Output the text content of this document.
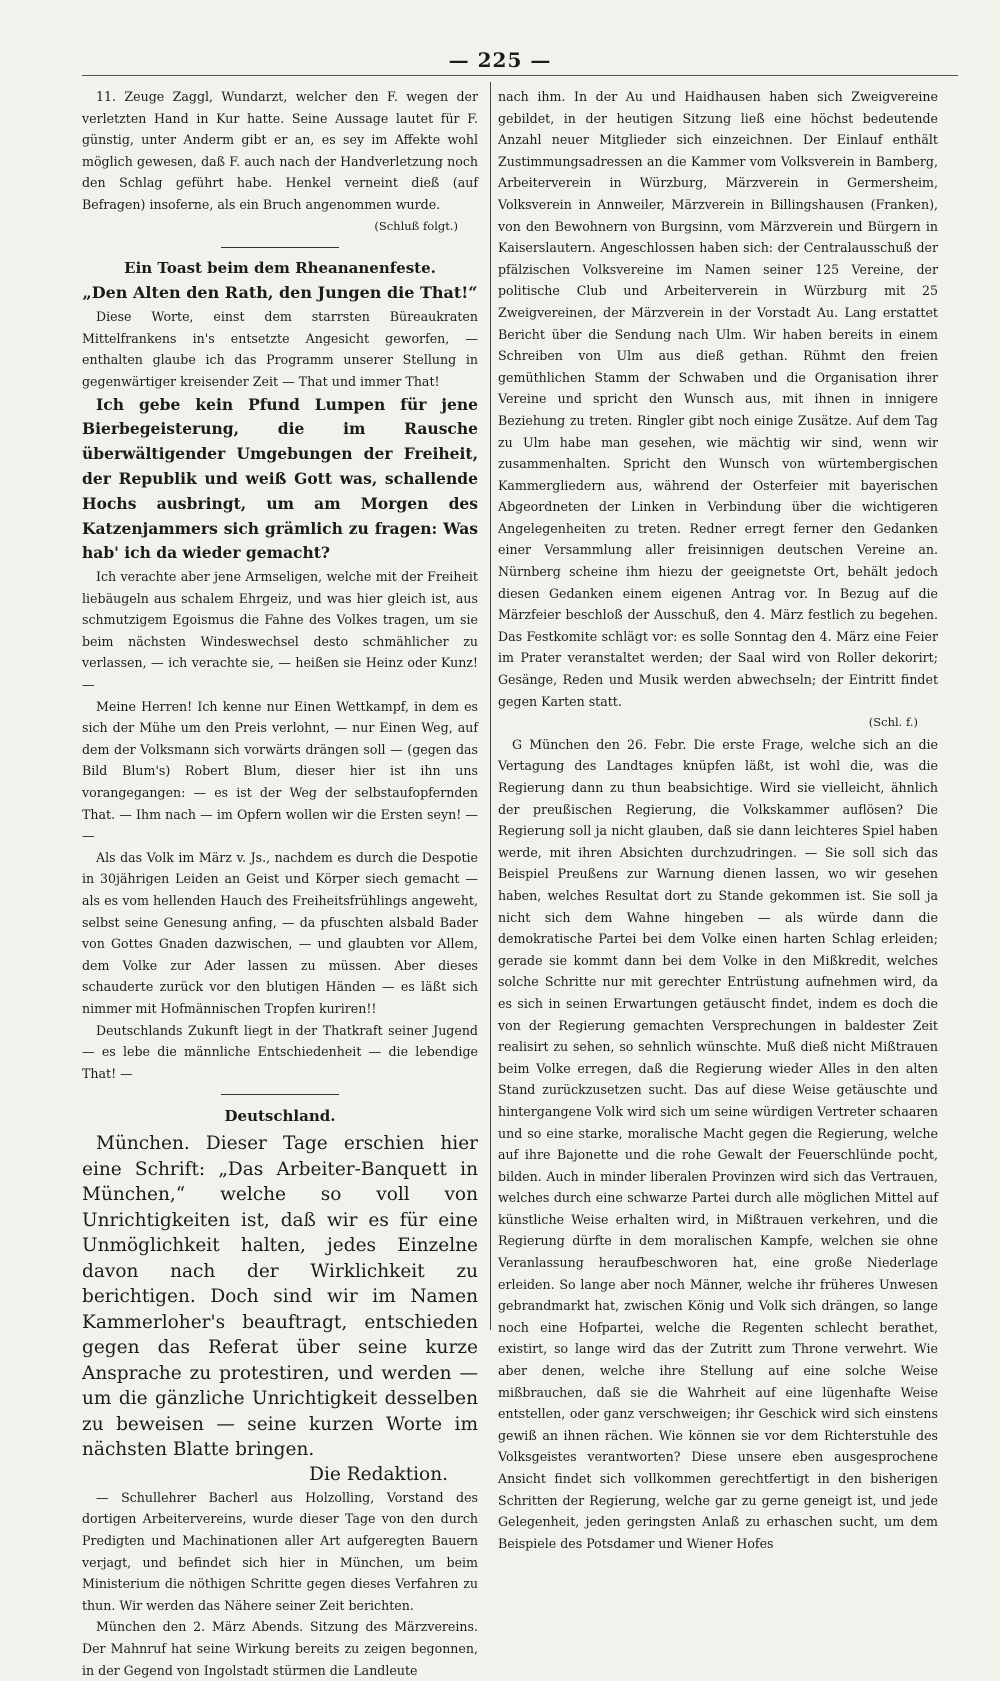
— 225 —

11. Zeuge Zaggl, Wundarzt, welcher den F. wegen der verletzten Hand in Kur hatte. Seine Aussage lautet für F. günstig, unter Anderm gibt er an, es sey im Affekte wohl möglich gewesen, daß F. auch nach der Handverletzung noch den Schlag geführt habe. Henkel verneint dieß (auf Befragen) insoferne, als ein Bruch angenommen wurde.

(Schluß folgt.)

Ein Toast beim dem Rheananenfeste.

„Den Alten den Rath, den Jungen die That!“

Diese Worte, einst dem starrsten Büreaukraten Mittelfrankens in's entsetzte Angesicht geworfen, — enthalten glaube ich das Programm unserer Stellung in gegenwärtiger kreisender Zeit — That und immer That!

Ich gebe kein Pfund Lumpen für jene Bierbegeisterung, die im Rausche überwältigender Umgebungen der Freiheit, der Republik und weiß Gott was, schallende Hochs ausbringt, um am Morgen des Katzenjammers sich grämlich zu fragen: Was hab' ich da wieder gemacht?

Ich verachte aber jene Armseligen, welche mit der Freiheit liebäugeln aus schalem Ehrgeiz, und was hier gleich ist, aus schmutzigem Egoismus die Fahne des Volkes tragen, um sie beim nächsten Windeswechsel desto schmählicher zu verlassen, — ich verachte sie, — heißen sie Heinz oder Kunz! —

Meine Herren! Ich kenne nur Einen Wettkampf, in dem es sich der Mühe um den Preis verlohnt, — nur Einen Weg, auf dem der Volksmann sich vorwärts drängen soll — (gegen das Bild Blum's) Robert Blum, dieser hier ist ihn uns vorangegangen: — es ist der Weg der selbstaufopfernden That. — Ihm nach — im Opfern wollen wir die Ersten seyn! — —

Als das Volk im März v. Js., nachdem es durch die Despotie in 30jährigen Leiden an Geist und Körper siech gemacht — als es vom hellenden Hauch des Freiheitsfrühlings angeweht, selbst seine Genesung anfing, — da pfuschten alsbald Bader von Gottes Gnaden dazwischen, — und glaubten vor Allem, dem Volke zur Ader lassen zu müssen. Aber dieses schauderte zurück vor den blutigen Händen — es läßt sich nimmer mit Hofmännischen Tropfen kuriren!!

Deutschlands Zukunft liegt in der Thatkraft seiner Jugend — es lebe die männliche Entschiedenheit — die lebendige That! —

Deutschland.

München. Dieser Tage erschien hier eine Schrift: „Das Arbeiter-Banquett in München,“ welche so voll von Unrichtigkeiten ist, daß wir es für eine Unmöglichkeit halten, jedes Einzelne davon nach der Wirklichkeit zu berichtigen. Doch sind wir im Namen Kammerloher's beauftragt, entschieden gegen das Referat über seine kurze Ansprache zu protestiren, und werden — um die gänzliche Unrichtigkeit desselben zu beweisen — seine kurzen Worte im nächsten Blatte bringen.

Die Redaktion.

— Schullehrer Bacherl aus Holzolling, Vorstand des dortigen Arbeitervereins, wurde dieser Tage von den durch Predigten und Machinationen aller Art aufgeregten Bauern verjagt, und befindet sich hier in München, um beim Ministerium die nöthigen Schritte gegen dieses Verfahren zu thun. Wir werden das Nähere seiner Zeit berichten.

München den 2. März Abends. Sitzung des Märzvereins. Der Mahnruf hat seine Wirkung bereits zu zeigen begonnen, in der Gegend von Ingolstadt stürmen die Landleute

nach ihm. In der Au und Haidhausen haben sich Zweigvereine gebildet, in der heutigen Sitzung ließ eine höchst bedeutende Anzahl neuer Mitglieder sich einzeichnen. Der Einlauf enthält Zustimmungsadressen an die Kammer vom Volksverein in Bamberg, Arbeiterverein in Würzburg, Märzverein in Germersheim, Volksverein in Annweiler, Märzverein in Billingshausen (Franken), von den Bewohnern von Burgsinn, vom Märzverein und Bürgern in Kaiserslautern. Angeschlossen haben sich: der Centralausschuß der pfälzischen Volksvereine im Namen seiner 125 Vereine, der politische Club und Arbeiterverein in Würzburg mit 25 Zweigvereinen, der Märzverein in der Vorstadt Au. Lang erstattet Bericht über die Sendung nach Ulm. Wir haben bereits in einem Schreiben von Ulm aus dieß gethan. Rühmt den freien gemüthlichen Stamm der Schwaben und die Organisation ihrer Vereine und spricht den Wunsch aus, mit ihnen in innigere Beziehung zu treten. Ringler gibt noch einige Zusätze. Auf dem Tag zu Ulm habe man gesehen, wie mächtig wir sind, wenn wir zusammenhalten. Spricht den Wunsch von würtembergischen Kammergliedern aus, während der Osterfeier mit bayerischen Abgeordneten der Linken in Verbindung über die wichtigeren Angelegenheiten zu treten. Redner erregt ferner den Gedanken einer Versammlung aller freisinnigen deutschen Vereine an. Nürnberg scheine ihm hiezu der geeignetste Ort, behält jedoch diesen Gedanken einem eigenen Antrag vor. In Bezug auf die Märzfeier beschloß der Ausschuß, den 4. März festlich zu begehen. Das Festkomite schlägt vor: es solle Sonntag den 4. März eine Feier im Prater veranstaltet werden; der Saal wird von Roller dekorirt; Gesänge, Reden und Musik werden abwechseln; der Eintritt findet gegen Karten statt.

(Schl. f.)

G München den 26. Febr. Die erste Frage, welche sich an die Vertagung des Landtages knüpfen läßt, ist wohl die, was die Regierung dann zu thun beabsichtige. Wird sie vielleicht, ähnlich der preußischen Regierung, die Volkskammer auflösen? Die Regierung soll ja nicht glauben, daß sie dann leichteres Spiel haben werde, mit ihren Absichten durchzudringen. — Sie soll sich das Beispiel Preußens zur Warnung dienen lassen, wo wir gesehen haben, welches Resultat dort zu Stande gekommen ist. Sie soll ja nicht sich dem Wahne hingeben — als würde dann die demokratische Partei bei dem Volke einen harten Schlag erleiden; gerade sie kommt dann bei dem Volke in den Mißkredit, welches solche Schritte nur mit gerechter Entrüstung aufnehmen wird, da es sich in seinen Erwartungen getäuscht findet, indem es doch die von der Regierung gemachten Versprechungen in baldester Zeit realisirt zu sehen, so sehnlich wünschte. Muß dieß nicht Mißtrauen beim Volke erregen, daß die Regierung wieder Alles in den alten Stand zurückzusetzen sucht. Das auf diese Weise getäuschte und hintergangene Volk wird sich um seine würdigen Vertreter schaaren und so eine starke, moralische Macht gegen die Regierung, welche auf ihre Bajonette und die rohe Gewalt der Feuerschlünde pocht, bilden. Auch in minder liberalen Provinzen wird sich das Vertrauen, welches durch eine schwarze Partei durch alle möglichen Mittel auf künstliche Weise erhalten wird, in Mißtrauen verkehren, und die Regierung dürfte in dem moralischen Kampfe, welchen sie ohne Veranlassung heraufbeschworen hat, eine große Niederlage erleiden. So lange aber noch Männer, welche ihr früheres Unwesen gebrandmarkt hat, zwischen König und Volk sich drängen, so lange noch eine Hofpartei, welche die Regenten schlecht berathet, existirt, so lange wird das der Zutritt zum Throne verwehrt. Wie aber denen, welche ihre Stellung auf eine solche Weise mißbrauchen, daß sie die Wahrheit auf eine lügenhafte Weise entstellen, oder ganz verschweigen; ihr Geschick wird sich einstens gewiß an ihnen rächen. Wie können sie vor dem Richterstuhle des Volksgeistes verantworten? Diese unsere eben ausgesprochene Ansicht findet sich vollkommen gerechtfertigt in den bisherigen Schritten der Regierung, welche gar zu gerne geneigt ist, und jede Gelegenheit, jeden geringsten Anlaß zu erhaschen sucht, um dem Beispiele des Potsdamer und Wiener Hofes
